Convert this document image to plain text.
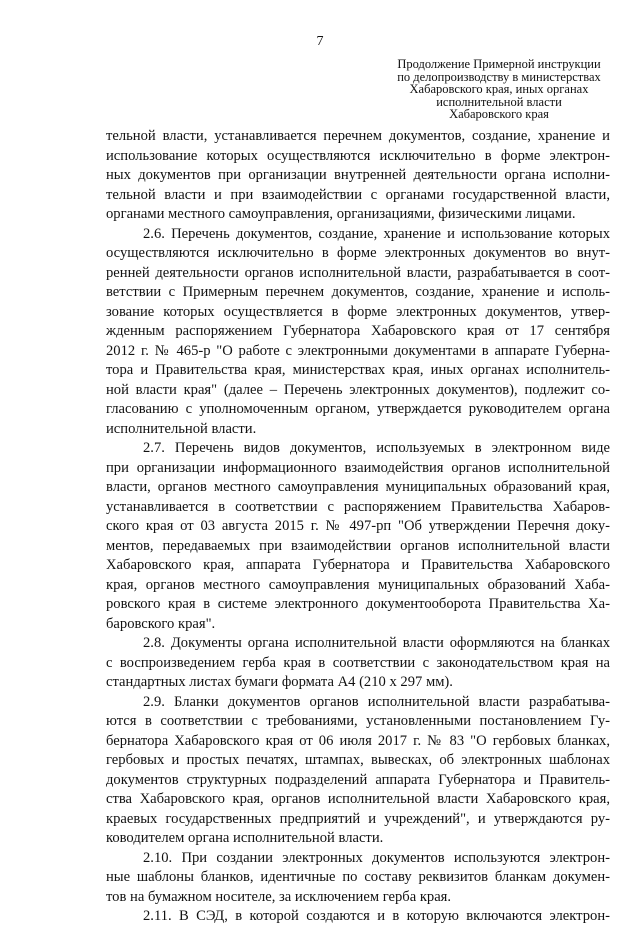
7
Продолжение Примерной инструкции
по делопроизводству в министерствах
Хабаровского края, иных органах
исполнительной власти
Хабаровского края
тельной власти, устанавливается перечнем документов, создание, хранение и
использование которых осуществляются исключительно в форме электрон-
ных документов при организации внутренней деятельности органа исполни-
тельной власти и при взаимодействии с органами государственной власти,
органами местного самоуправления, организациями, физическими лицами.
2.6. Перечень документов, создание, хранение и использование которых
осуществляются исключительно в форме электронных документов во внут-
ренней деятельности органов исполнительной власти, разрабатывается в соот-
ветствии с Примерным перечнем документов, создание, хранение и исполь-
зование которых осуществляется в форме электронных документов, утвер-
жденным распоряжением Губернатора Хабаровского края от 17 сентября
2012 г. № 465-р "О работе с электронными документами в аппарате Губерна-
тора и Правительства края, министерствах края, иных органах исполнитель-
ной власти края" (далее – Перечень электронных документов), подлежит со-
гласованию с уполномоченным органом, утверждается руководителем органа
исполнительной власти.
2.7. Перечень видов документов, используемых в электронном виде
при организации информационного взаимодействия органов исполнительной
власти, органов местного самоуправления муниципальных образований края,
устанавливается в соответствии с распоряжением Правительства Хабаров-
ского края от 03 августа 2015 г. № 497-рп "Об утверждении Перечня доку-
ментов, передаваемых при взаимодействии органов исполнительной власти
Хабаровского края, аппарата Губернатора и Правительства Хабаровского
края, органов местного самоуправления муниципальных образований Хаба-
ровского края в системе электронного документооборота Правительства Ха-
баровского края".
2.8. Документы органа исполнительной власти оформляются на бланках
с воспроизведением герба края в соответствии с законодательством края на
стандартных листах бумаги формата А4 (210 х 297 мм).
2.9. Бланки документов органов исполнительной власти разрабатыва-
ются в соответствии с требованиями, установленными постановлением Гу-
бернатора Хабаровского края от 06 июля 2017 г. № 83 "О гербовых бланках,
гербовых и простых печатях, штампах, вывесках, об электронных шаблонах
документов структурных подразделений аппарата Губернатора и Правитель-
ства Хабаровского края, органов исполнительной власти Хабаровского края,
краевых государственных предприятий и учреждений", и утверждаются ру-
ководителем органа исполнительной власти.
2.10. При создании электронных документов используются электрон-
ные шаблоны бланков, идентичные по составу реквизитов бланкам докумен-
тов на бумажном носителе, за исключением герба края.
2.11. В СЭД, в которой создаются и в которую включаются электрон-
